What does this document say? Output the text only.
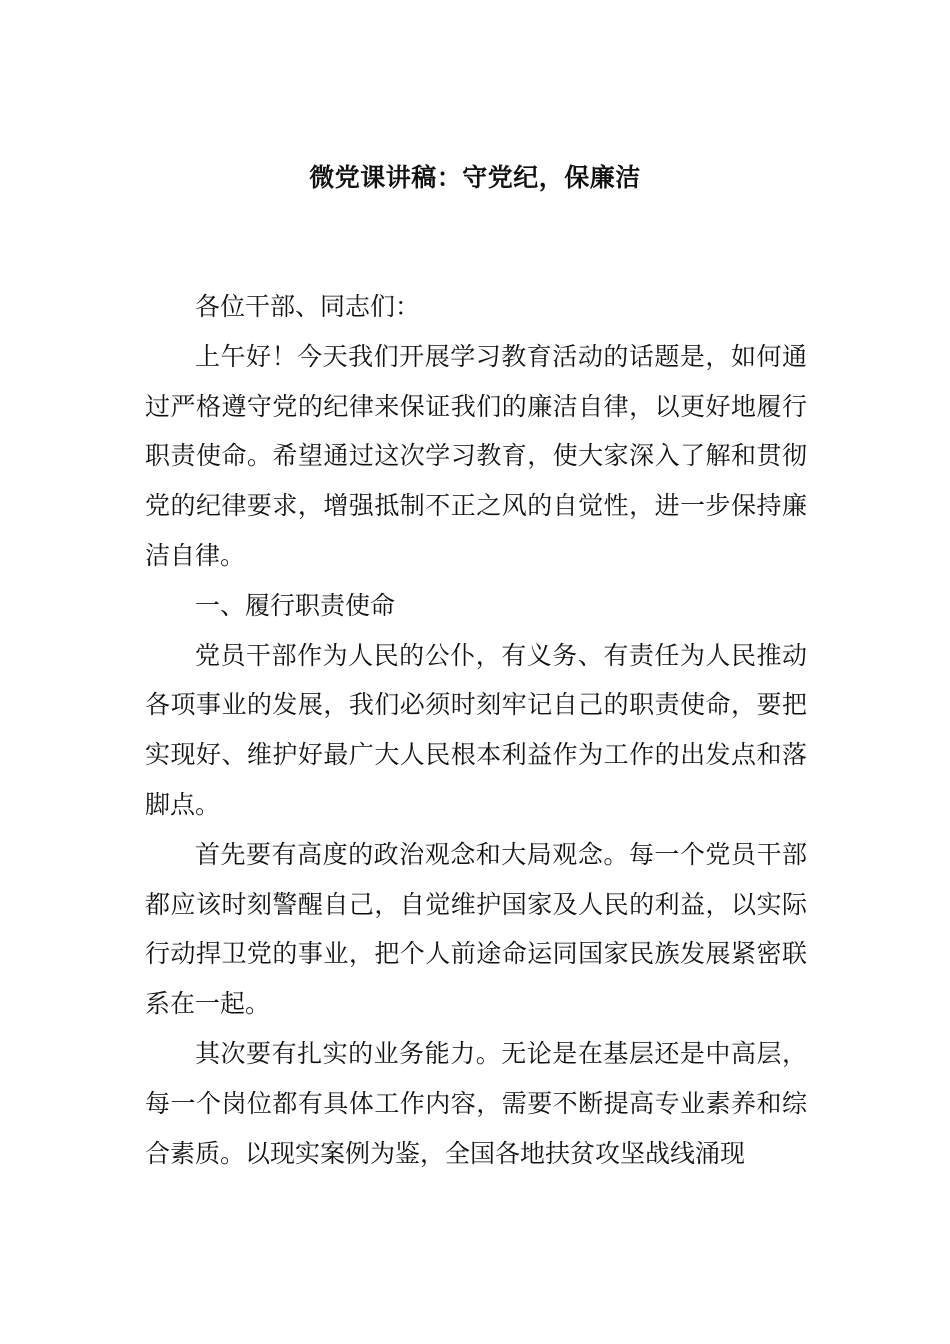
微党课讲稿：守党纪，保廉洁

各位干部、同志们：

上午好！今天我们开展学习教育活动的话题是，如何通过严格遵守党的纪律来保证我们的廉洁自律，以更好地履行职责使命。希望通过这次学习教育，使大家深入了解和贯彻党的纪律要求，增强抵制不正之风的自觉性，进一步保持廉洁自律。

一、履行职责使命

党员干部作为人民的公仆，有义务、有责任为人民推动各项事业的发展，我们必须时刻牢记自己的职责使命，要把实现好、维护好最广大人民根本利益作为工作的出发点和落脚点。

首先要有高度的政治观念和大局观念。每一个党员干部都应该时刻警醒自己，自觉维护国家及人民的利益，以实际行动捍卫党的事业，把个人前途命运同国家民族发展紧密联系在一起。

其次要有扎实的业务能力。无论是在基层还是中高层，每一个岗位都有具体工作内容，需要不断提高专业素养和综合素质。以现实案例为鉴，全国各地扶贫攻坚战线涌现
